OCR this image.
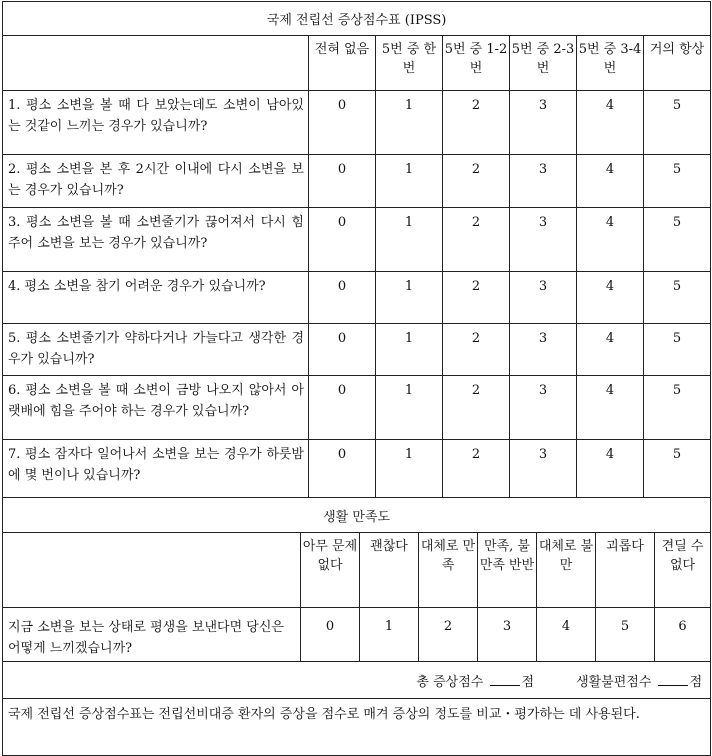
국제 전립선 증상점수표 (IPSS)													
		전혀 없음		5번 중 한 번		5번 중 1-2번		5번 중 2-3번		5번 중 3-4번		거의 항상	
1. 평소 소변을 볼 때 다 보았는데도 소변이 남아있는 것같이 느끼는 경우가 있습니까?		0		1		2		3		4		5	
2. 평소 소변을 본 후 2시간 이내에 다시 소변을 보는 경우가 있습니까?		0		1		2		3		4		5	
3. 평소 소변을 볼 때 소변줄기가 끊어져서 다시 힘주어 소변을 보는 경우가 있습니까?		0		1		2		3		4		5	
4. 평소 소변을 참기 어려운 경우가 있습니까?		0		1		2		3		4		5	
5. 평소 소변줄기가 약하다거나 가늘다고 생각한 경우가 있습니까?		0		1		2		3		4		5	
6. 평소 소변을 볼 때 소변이 금방 나오지 않아서 아랫배에 힘을 주어야 하는 경우가 있습니까?		0		1		2		3		4		5	
7. 평소 잠자다 일어나서 소변을 보는 경우가 하룻밤에 몇 번이나 있습니까?		0		1		2		3		4		5	
생활 만족도													
	아무 문제 없다		괜찮다		대체로 만족		만족, 불만족 반반		대체로 불만		괴롭다		견딜 수 없다
지금 소변을 보는 상태로 평생을 보낸다면 당신은 어떻게 느끼겠습니까?	0		1		2		3		4		5		6
총 증상점수 점 생활불편점수 점													
국제 전립선 증상점수표는 전립선비대증 환자의 증상을 점수로 매겨 증상의 정도를 비교・평가하는 데 사용된다.													
